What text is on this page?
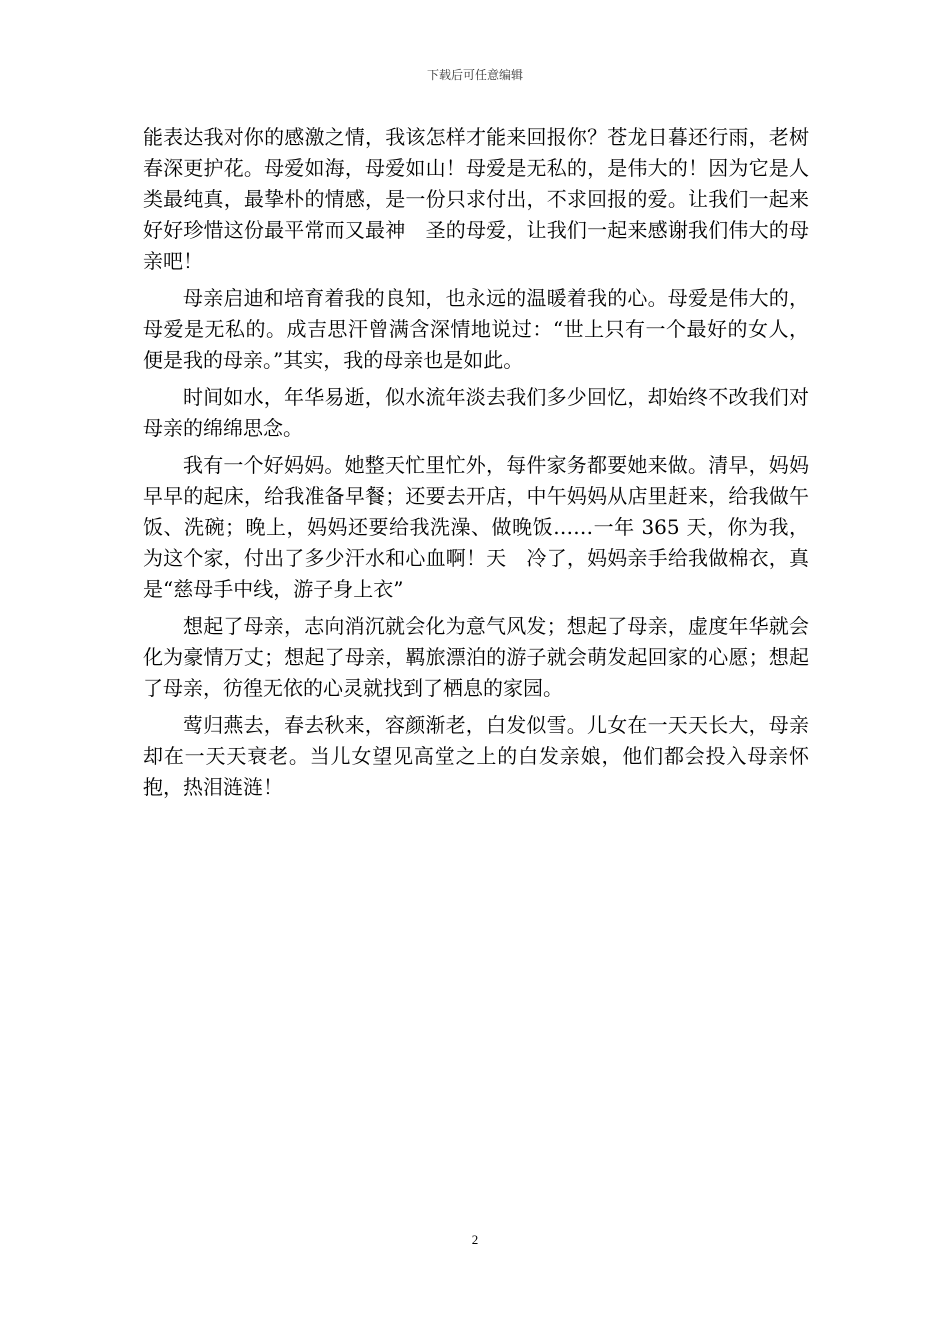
下载后可任意编辑

能表达我对你的感激之情，我该怎样才能来回报你？苍龙日暮还行雨，老树春深更护花。母爱如海，母爱如山！母爱是无私的，是伟大的！因为它是人类最纯真，最挚朴的情感，是一份只求付出，不求回报的爱。让我们一起来好好珍惜这份最平常而又最神　圣的母爱，让我们一起来感谢我们伟大的母亲吧！

母亲启迪和培育着我的良知，也永远的温暖着我的心。母爱是伟大的，母爱是无私的。成吉思汗曾满含深情地说过：“世上只有一个最好的女人，便是我的母亲。”其实，我的母亲也是如此。

时间如水，年华易逝，似水流年淡去我们多少回忆，却始终不改我们对母亲的绵绵思念。

我有一个好妈妈。她整天忙里忙外，每件家务都要她来做。清早，妈妈早早的起床，给我准备早餐；还要去开店，中午妈妈从店里赶来，给我做午饭、洗碗；晚上，妈妈还要给我洗澡、做晚饭……一年 365 天，你为我，为这个家，付出了多少汗水和心血啊！天　冷了，妈妈亲手给我做棉衣，真是“慈母手中线，游子身上衣”

想起了母亲，志向消沉就会化为意气风发；想起了母亲，虚度年华就会化为豪情万丈；想起了母亲，羁旅漂泊的游子就会萌发起回家的心愿；想起了母亲，彷徨无依的心灵就找到了栖息的家园。

莺归燕去，春去秋来，容颜渐老，白发似雪。儿女在一天天长大，母亲却在一天天衰老。当儿女望见高堂之上的白发亲娘，他们都会投入母亲怀抱，热泪涟涟！

2
